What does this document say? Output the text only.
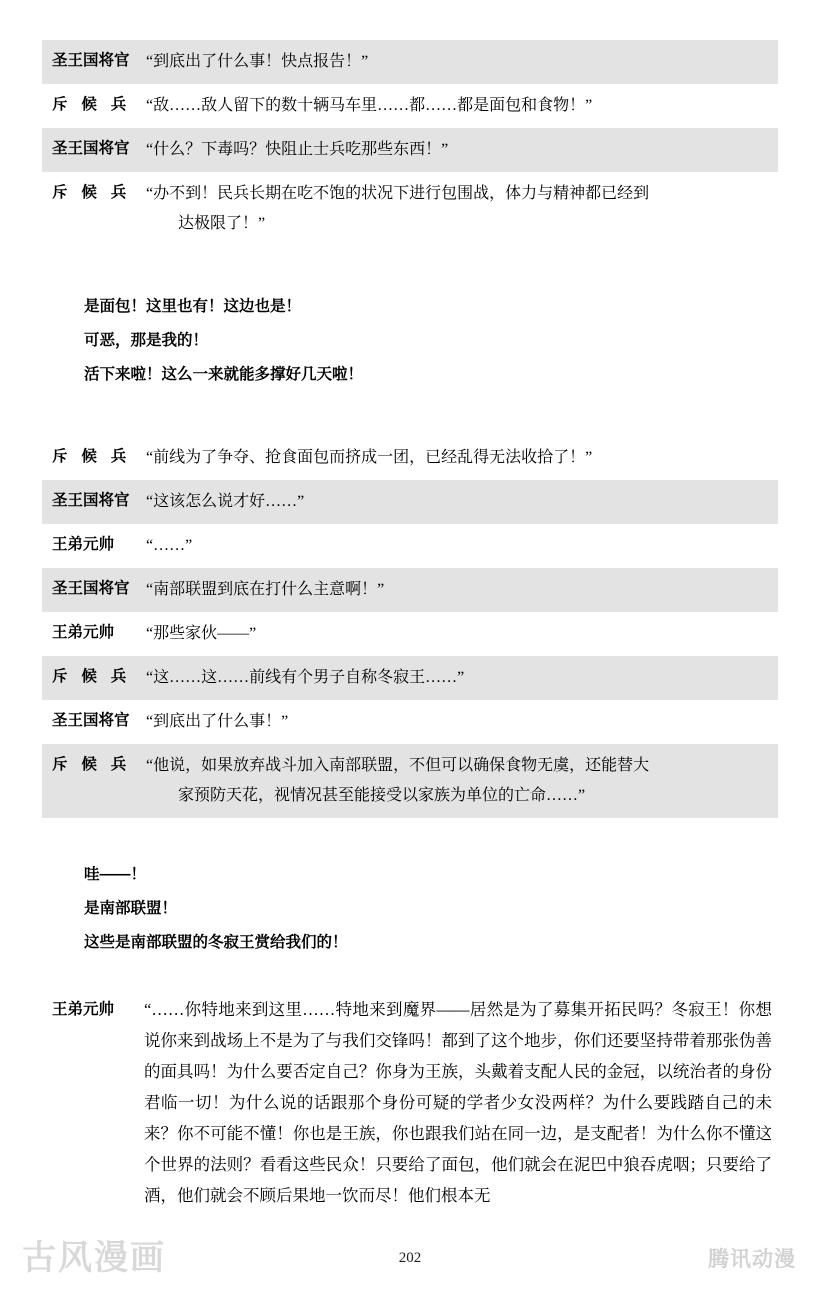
圣王国将官	“到底出了什么事！快点报告！”
斥 候 兵 “敌……敌人留下的数十辆马车里……都……都是面包和食物！”
圣王国将官	“什么？下毒吗？快阻止士兵吃那些东西！”
斥 候 兵 “办不到！民兵长期在吃不饱的状况下进行包围战，体力与精神都已经到
达极限了！”
是面包！这里也有！这边也是！
可恶，那是我的！
活下来啦！这么一来就能多撑好几天啦！
斥 候 兵 “前线为了争夺、抢食面包而挤成一团，已经乱得无法收拾了！”
圣王国将官	“这该怎么说才好……”
王弟元帅	“……”
圣王国将官	“南部联盟到底在打什么主意啊！”
王弟元帅	“那些家伙——”
斥 候 兵 “这……这……前线有个男子自称冬寂王……”
圣王国将官	“到底出了什么事！”
斥 候 兵 “他说，如果放弃战斗加入南部联盟，不但可以确保食物无虞，还能替大
家预防天花，视情况甚至能接受以家族为单位的亡命……”
哇——！
是南部联盟！
这些是南部联盟的冬寂王赏给我们的！
王弟元帅	“……你特地来到这里……特地来到魔界——居然是为了募集开拓民吗？冬寂王！你想说你来到战场上不是为了与我们交锋吗！都到了这个地步，你们还要坚持带着那张伪善的面具吗！为什么要否定自己？你身为王族，头戴着支配人民的金冠，以统治者的身份君临一切！为什么说的话跟那个身份可疑的学者少女没两样？为什么要践踏自己的未来？你不可能不懂！你也是王族，你也跟我们站在同一边，是支配者！为什么你不懂这个世界的法则？看看这些民众！只要给了面包，他们就会在泥巴中狼吞虎咽；只要给了酒，他们就会不顾后果地一饮而尽！他们根本无
古风漫画	202	腾讯动漫
